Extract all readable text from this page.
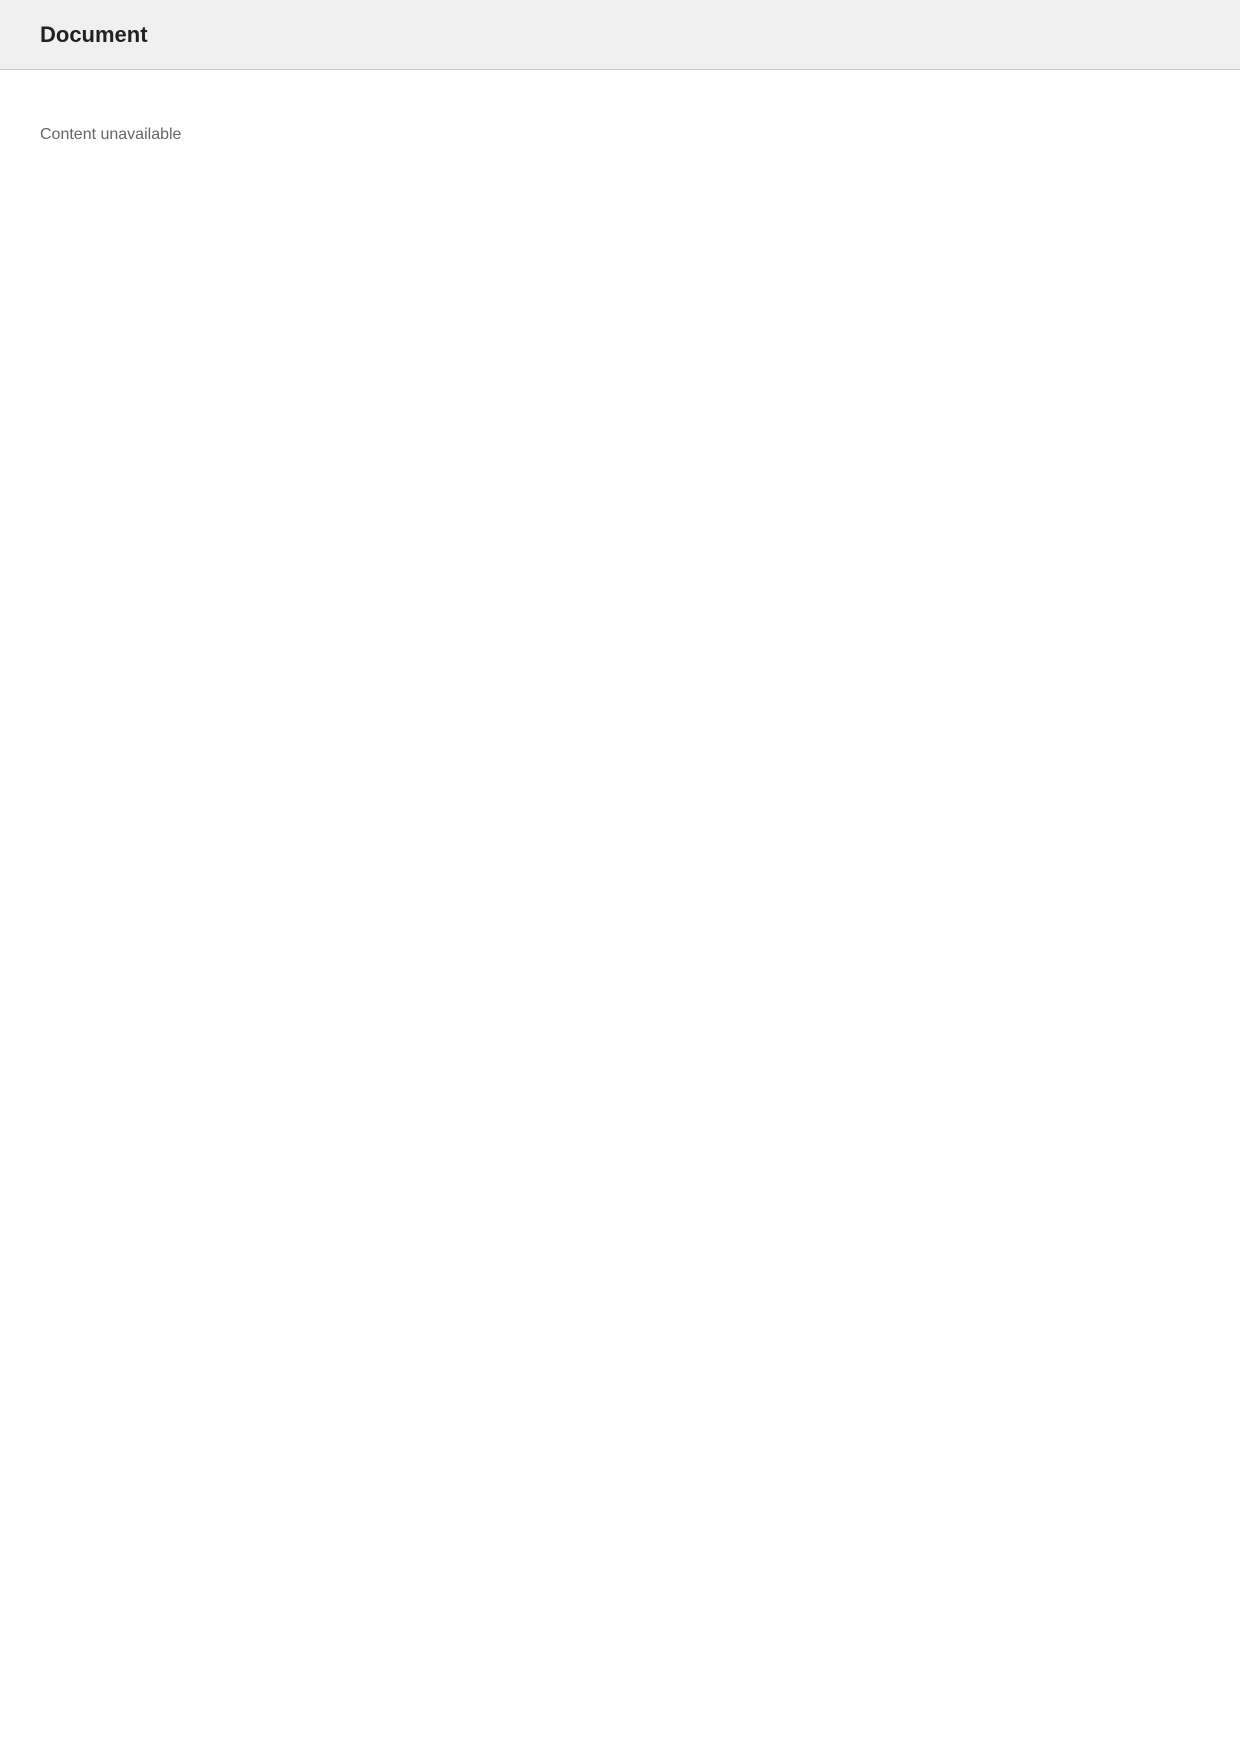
Document

Content unavailable
